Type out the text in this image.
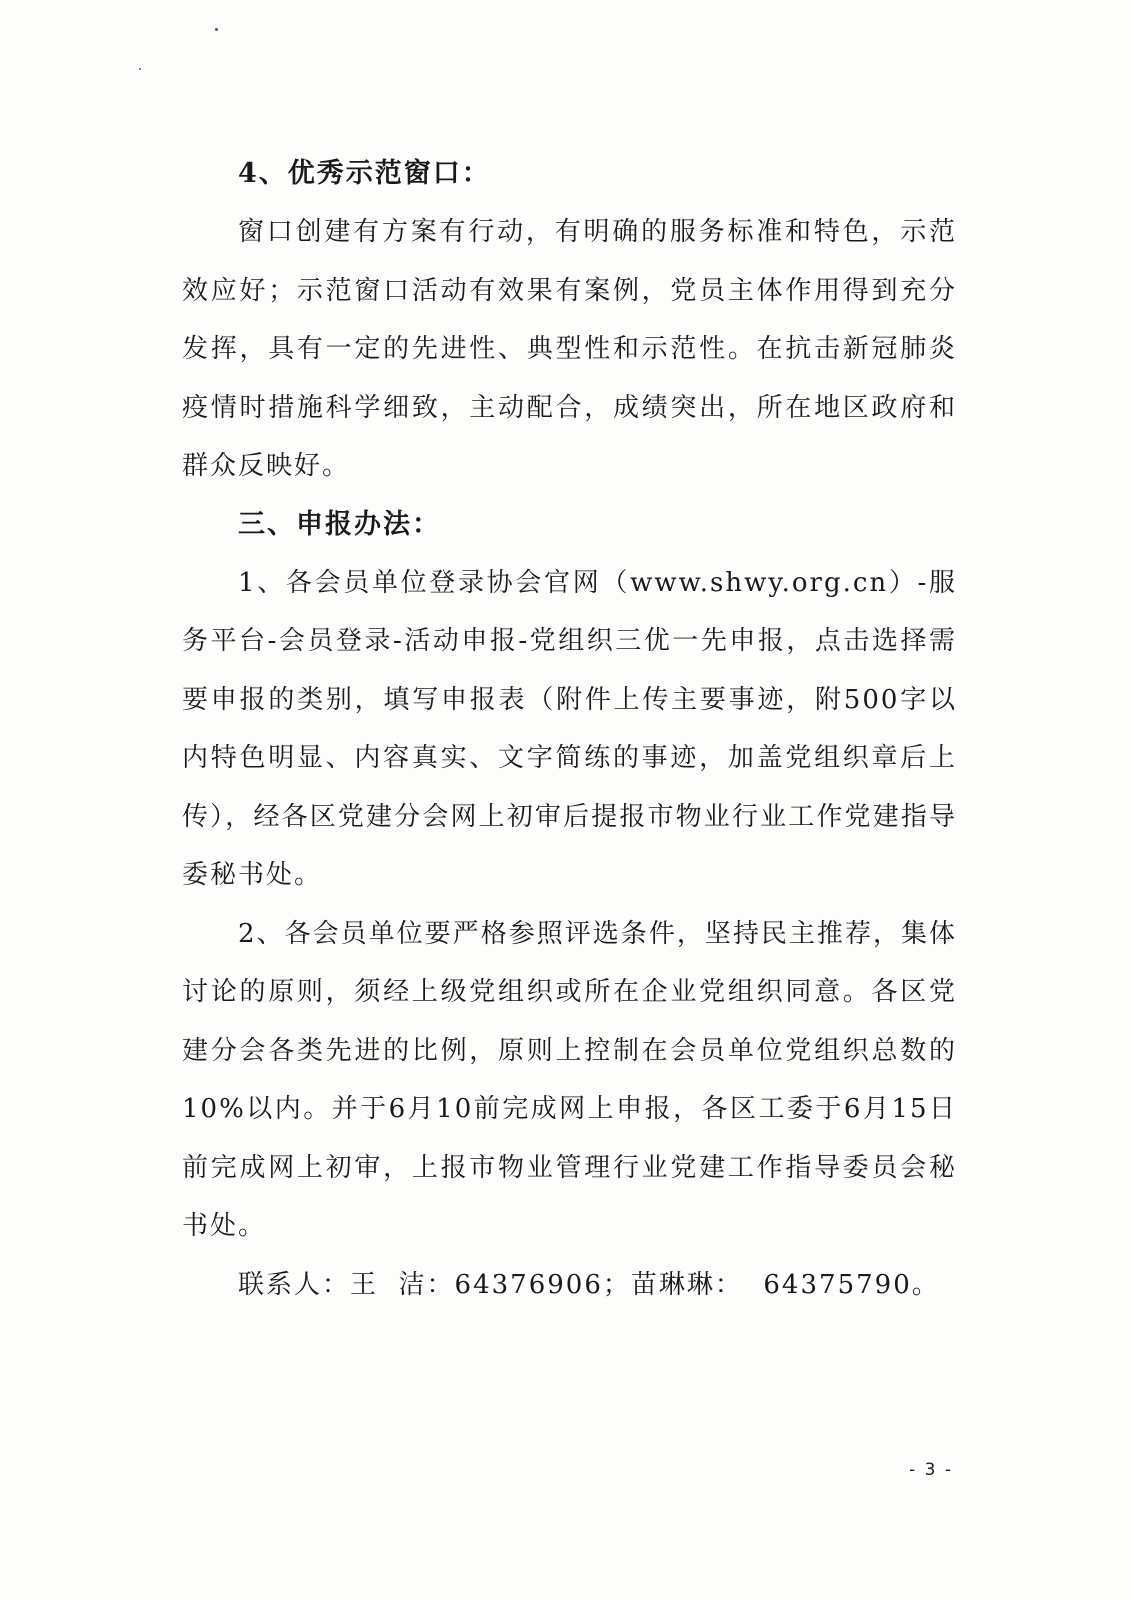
4、优秀示范窗口：

窗口创建有方案有行动，有明确的服务标准和特色，示范效应好；示范窗口活动有效果有案例，党员主体作用得到充分发挥，具有一定的先进性、典型性和示范性。在抗击新冠肺炎疫情时措施科学细致，主动配合，成绩突出，所在地区政府和群众反映好。

三、申报办法：

1、各会员单位登录协会官网（www.shwy.org.cn）-服务平台-会员登录-活动申报-党组织三优一先申报，点击选择需要申报的类别，填写申报表（附件上传主要事迹，附500字以内特色明显、内容真实、文字简练的事迹，加盖党组织章后上传），经各区党建分会网上初审后提报市物业行业工作党建指导委秘书处。

2、各会员单位要严格参照评选条件，坚持民主推荐，集体讨论的原则，须经上级党组织或所在企业党组织同意。各区党建分会各类先进的比例，原则上控制在会员单位党组织总数的10%以内。并于6月10前完成网上申报，各区工委于6月15日前完成网上初审，上报市物业管理行业党建工作指导委员会秘书处。

联系人：王  洁：64376906；苗琳琳：  64375790。
- 3 -
